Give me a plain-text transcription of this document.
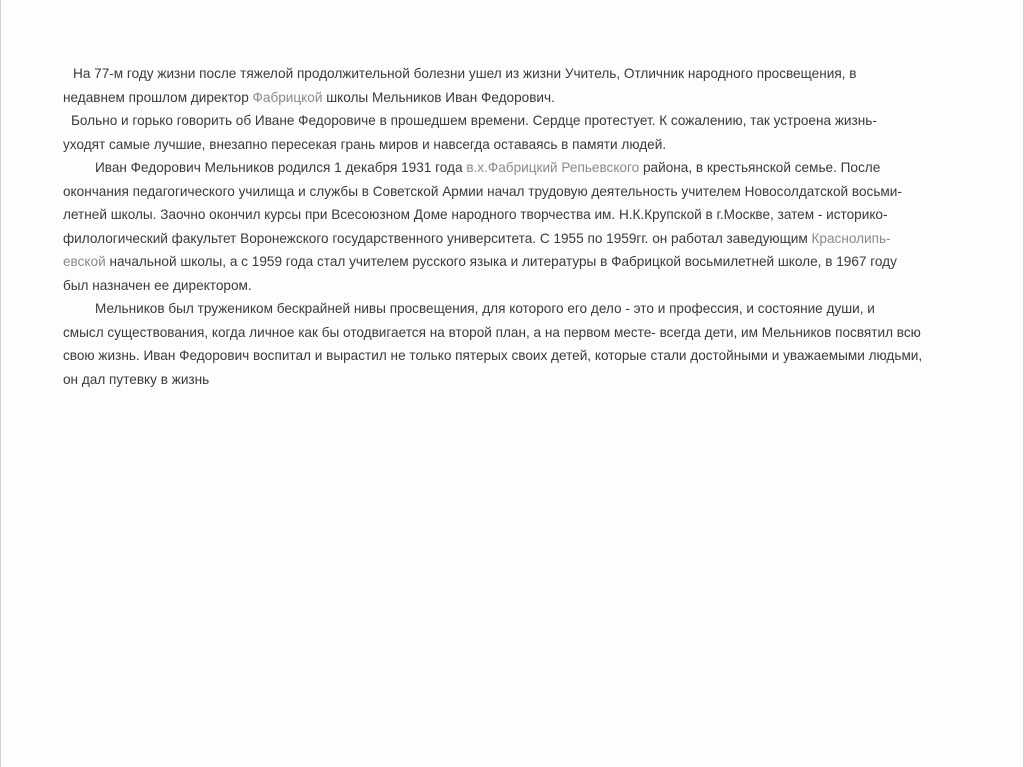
На 77-м году жизни после тяжелой продолжительной болезни ушел из жизни Учитель, Отличник народного просвещения, в
недавнем прошлом директор Фабрицкой школы Мельников Иван Федорович.
Больно и горько говорить об Иване Федоровиче в прошедшем времени. Сердце протестует. К сожалению, так устроена жизнь-
уходят самые лучшие, внезапно пересекая грань миров и навсегда оставаясь в памяти людей.
Иван Федорович Мельников родился 1 декабря 1931 года в.х.Фабрицкий Репьевского района, в крестьянской семье. После
окончания педагогического училища и службы в Советской Армии начал трудовую деятельность учителем Новосолдатской восьми-
летней школы. Заочно окончил курсы при Всесоюзном Доме народного творчества им. Н.К.Крупской в г.Москве, затем - историко-
филологический факультет Воронежского государственного университета. С 1955 по 1959гг. он работал заведующим Краснолипь-
евской начальной школы, а с 1959 года стал учителем русского языка и литературы в Фабрицкой восьмилетней школе, в 1967 году
был назначен ее директором.
Мельников был тружеником бескрайней нивы просвещения, для которого его дело - это и профессия, и состояние души, и
смысл существования, когда личное как бы отодвигается на второй план, а на первом месте- всегда дети, им Мельников посвятил всю
свою жизнь. Иван Федорович воспитал и вырастил не только пятерых своих детей, которые стали достойными и уважаемыми людьми,
он дал путевку в жизнь
